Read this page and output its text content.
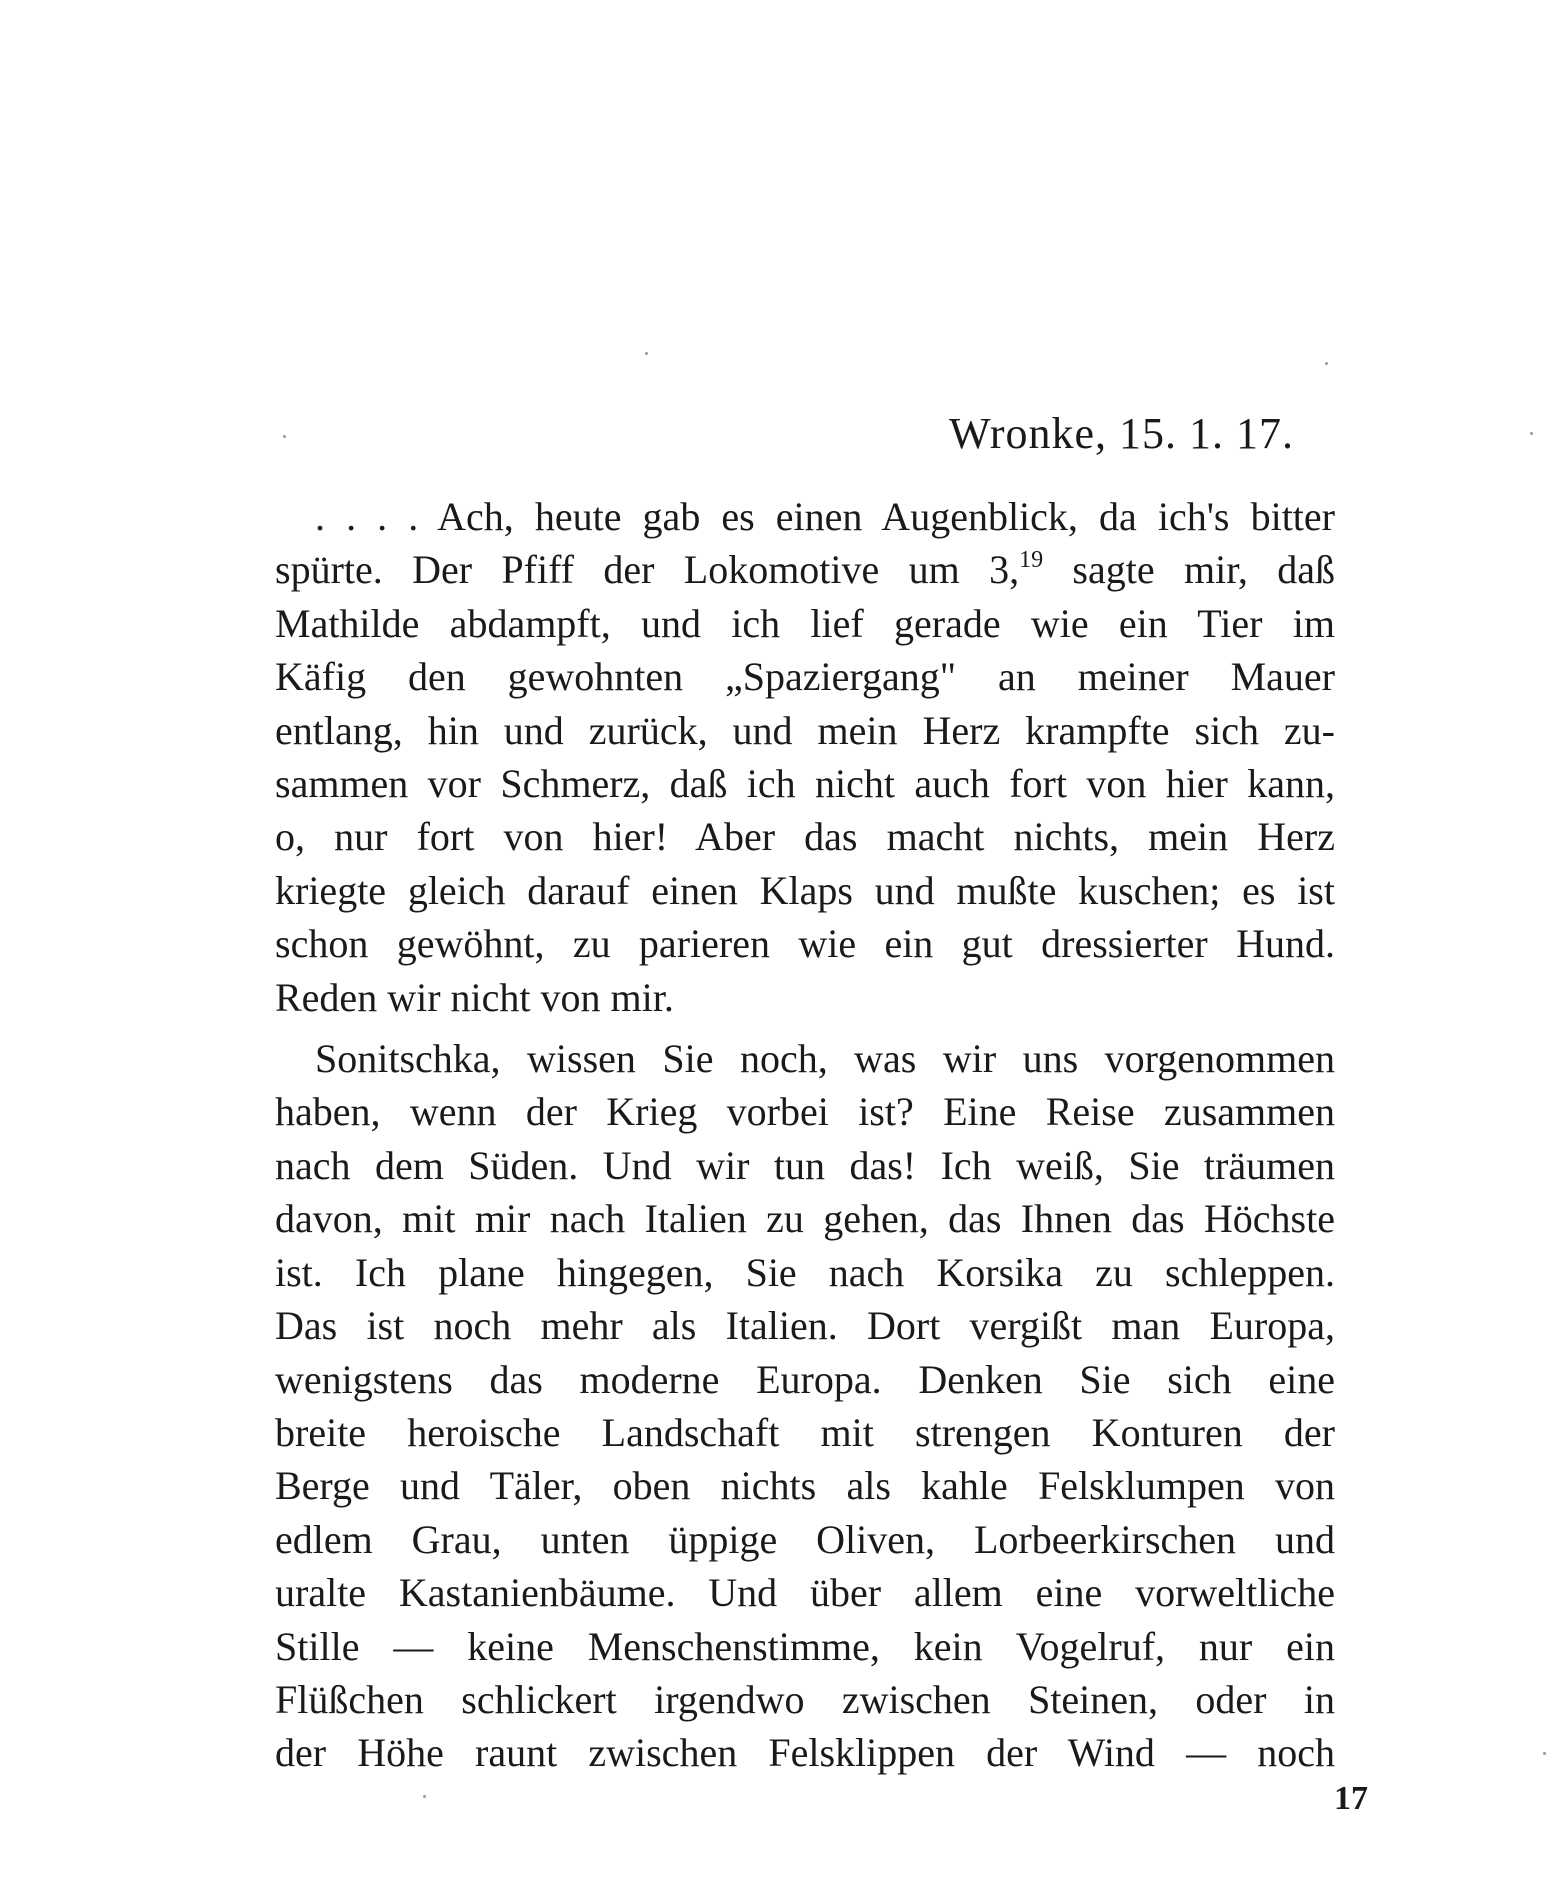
Wronke, 15. 1. 17.
. . . . Ach, heute gab es einen Augenblick, da ich's bitter
spürte. Der Pfiff der Lokomotive um 3,19 sagte mir, daß
Mathilde abdampft, und ich lief gerade wie ein Tier im
Käfig den gewohnten „Spaziergang" an meiner Mauer
entlang, hin und zurück, und mein Herz krampfte sich zu-
sammen vor Schmerz, daß ich nicht auch fort von hier kann,
o, nur fort von hier! Aber das macht nichts, mein Herz
kriegte gleich darauf einen Klaps und mußte kuschen; es ist
schon gewöhnt, zu parieren wie ein gut dressierter Hund.
Reden wir nicht von mir.
Sonitschka, wissen Sie noch, was wir uns vorgenommen
haben, wenn der Krieg vorbei ist? Eine Reise zusammen
nach dem Süden. Und wir tun das! Ich weiß, Sie träumen
davon, mit mir nach Italien zu gehen, das Ihnen das Höchste
ist. Ich plane hingegen, Sie nach Korsika zu schleppen.
Das ist noch mehr als Italien. Dort vergißt man Europa,
wenigstens das moderne Europa. Denken Sie sich eine
breite heroische Landschaft mit strengen Konturen der
Berge und Täler, oben nichts als kahle Felsklumpen von
edlem Grau, unten üppige Oliven, Lorbeerkirschen und
uralte Kastanienbäume. Und über allem eine vorweltliche
Stille — keine Menschenstimme, kein Vogelruf, nur ein
Flüßchen schlickert irgendwo zwischen Steinen, oder in
der Höhe raunt zwischen Felsklippen der Wind — noch
17
